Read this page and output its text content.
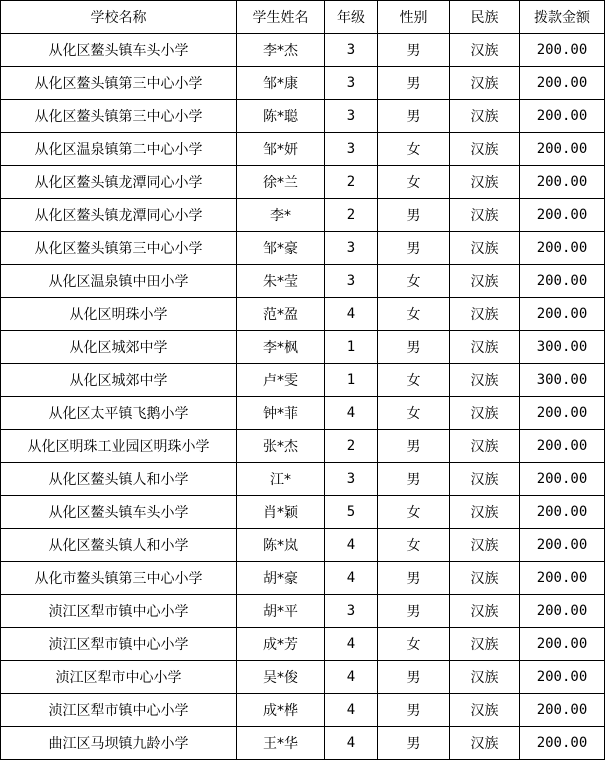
学校名称	学生姓名	年级	性别	民族	拨款金额
从化区鳌头镇车头小学	李*杰	3	男	汉族	200.00
从化区鳌头镇第三中心小学	邹*康	3	男	汉族	200.00
从化区鳌头镇第三中心小学	陈*聪	3	男	汉族	200.00
从化区温泉镇第二中心小学	邹*妍	3	女	汉族	200.00
从化区鳌头镇龙潭同心小学	徐*兰	2	女	汉族	200.00
从化区鳌头镇龙潭同心小学	李*	2	男	汉族	200.00
从化区鳌头镇第三中心小学	邹*豪	3	男	汉族	200.00
从化区温泉镇中田小学	朱*莹	3	女	汉族	200.00
从化区明珠小学	范*盈	4	女	汉族	200.00
从化区城郊中学	李*枫	1	男	汉族	300.00
从化区城郊中学	卢*雯	1	女	汉族	300.00
从化区太平镇飞鹅小学	钟*菲	4	女	汉族	200.00
从化区明珠工业园区明珠小学	张*杰	2	男	汉族	200.00
从化区鳌头镇人和小学	江*	3	男	汉族	200.00
从化区鳌头镇车头小学	肖*颖	5	女	汉族	200.00
从化区鳌头镇人和小学	陈*岚	4	女	汉族	200.00
从化市鳌头镇第三中心小学	胡*豪	4	男	汉族	200.00
浈江区犁市镇中心小学	胡*平	3	男	汉族	200.00
浈江区犁市镇中心小学	成*芳	4	女	汉族	200.00
浈江区犁市中心小学	吴*俊	4	男	汉族	200.00
浈江区犁市镇中心小学	成*桦	4	男	汉族	200.00
曲江区马坝镇九龄小学	王*华	4	男	汉族	200.00
